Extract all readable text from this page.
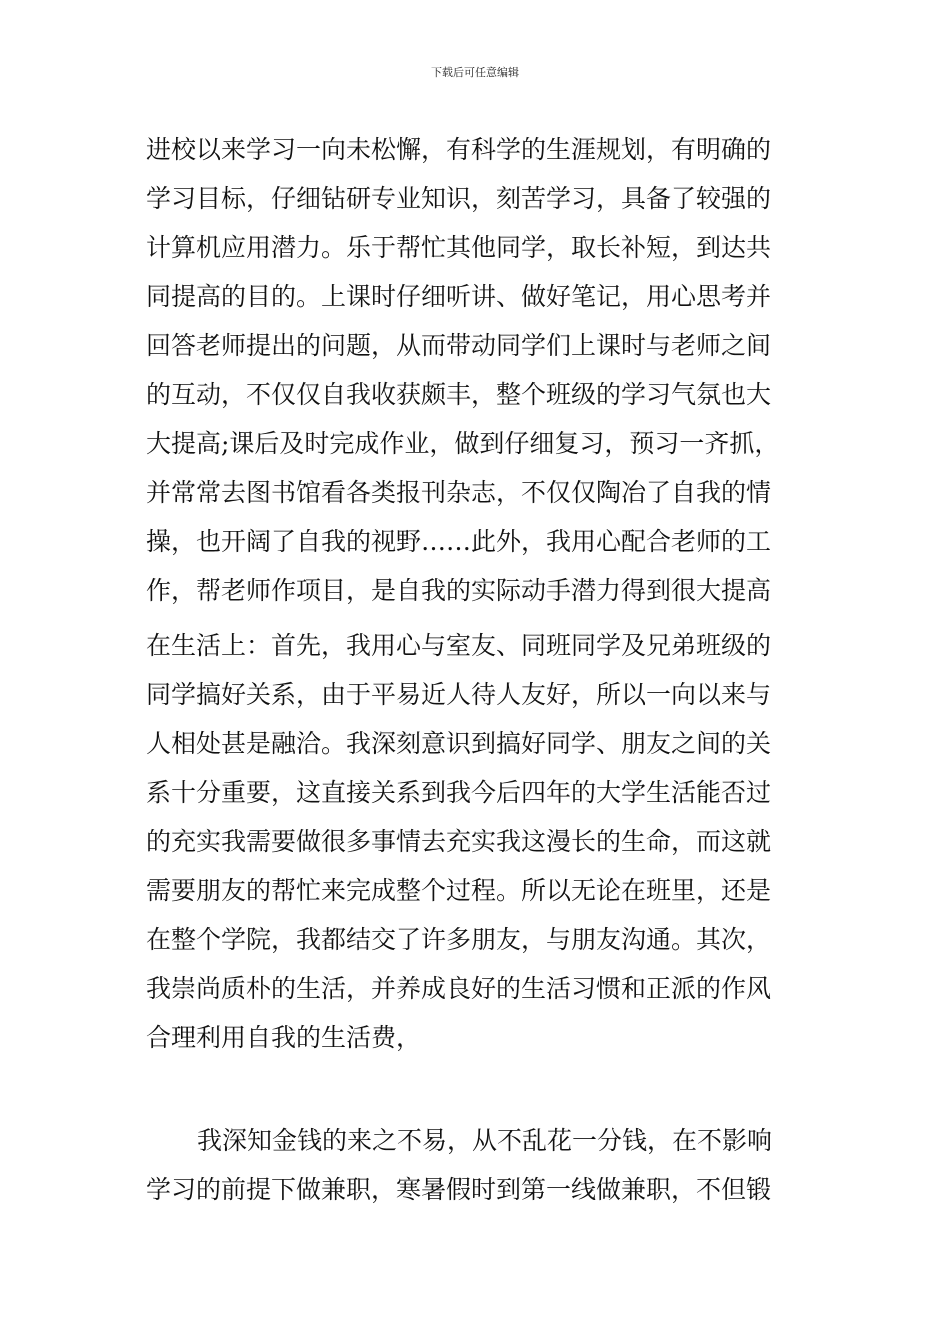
下载后可任意编辑
进校以来学习一向未松懈，有科学的生涯规划，有明确的
学习目标，仔细钻研专业知识，刻苦学习，具备了较强的
计算机应用潜力。乐于帮忙其他同学，取长补短，到达共
同提高的目的。上课时仔细听讲、做好笔记，用心思考并
回答老师提出的问题，从而带动同学们上课时与老师之间
的互动，不仅仅自我收获颇丰，整个班级的学习气氛也大
大提高;课后及时完成作业，做到仔细复习，预习一齐抓，
并常常去图书馆看各类报刊杂志，不仅仅陶冶了自我的情
操，也开阔了自我的视野……此外，我用心配合老师的工
作，帮老师作项目，是自我的实际动手潜力得到很大提高
在生活上：首先，我用心与室友、同班同学及兄弟班级的
同学搞好关系，由于平易近人待人友好，所以一向以来与
人相处甚是融洽。我深刻意识到搞好同学、朋友之间的关
系十分重要，这直接关系到我今后四年的大学生活能否过
的充实我需要做很多事情去充实我这漫长的生命，而这就
需要朋友的帮忙来完成整个过程。所以无论在班里，还是
在整个学院，我都结交了许多朋友，与朋友沟通。其次，
我崇尚质朴的生活，并养成良好的生活习惯和正派的作风
合理利用自我的生活费，
我深知金钱的来之不易，从不乱花一分钱，在不影响
学习的前提下做兼职，寒暑假时到第一线做兼职，不但锻
